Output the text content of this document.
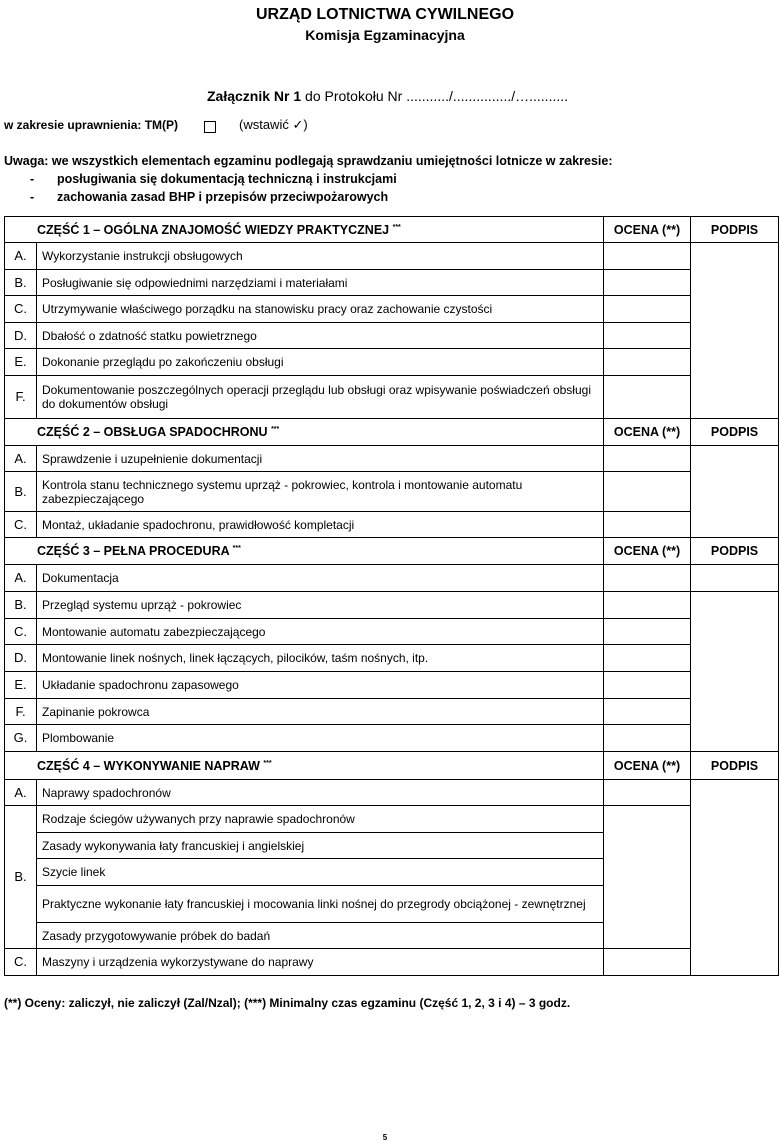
URZĄD LOTNICTWA CYWILNEGO
Komisja Egzaminacyjna
Załącznik Nr 1 do Protokołu Nr .........../.............../…..........
w zakresie uprawnienia: TM(P)	(wstawić ✓)
Uwaga: we wszystkich elementach egzaminu podlegają sprawdzaniu umiejętności lotnicze w zakresie:
- posługiwania się dokumentacją techniczną i instrukcjami
- zachowania zasad BHP i przepisów przeciwpożarowych
CZĘŚĆ 1 – OGÓLNA ZNAJOMOŚĆ WIEDZY PRAKTYCZNEJ ***		OCENA (**)	PODPIS
A.	Wykorzystanie instrukcji obsługowych		
B.	Posługiwanie się odpowiednimi narzędziami i materiałami		
C.	Utrzymywanie właściwego porządku na stanowisku pracy oraz zachowanie czystości		
D.	Dbałość o zdatność statku powietrznego		
E.	Dokonanie przeglądu po zakończeniu obsługi		
F.	Dokumentowanie poszczególnych operacji przeglądu lub obsługi oraz wpisywanie poświadczeń obsługi do dokumentów obsługi		
CZĘŚĆ 2 – OBSŁUGA SPADOCHRONU ***		OCENA (**)	PODPIS
A.	Sprawdzenie i uzupełnienie dokumentacji		
B.	Kontrola stanu technicznego systemu uprząż - pokrowiec, kontrola i montowanie automatu zabezpieczającego		
C.	Montaż, układanie spadochronu, prawidłowość kompletacji		
CZĘŚĆ 3 – PEŁNA PROCEDURA ***		OCENA (**)	PODPIS
A.	Dokumentacja		
B.	Przegląd systemu uprząż - pokrowiec		
C.	Montowanie automatu zabezpieczającego		
D.	Montowanie linek nośnych, linek łączących, pilocików, taśm nośnych, itp.		
E.	Układanie spadochronu zapasowego		
F.	Zapinanie pokrowca		
G.	Plombowanie		
CZĘŚĆ 4 – WYKONYWANIE NAPRAW ***		OCENA (**)	PODPIS
A.	Naprawy spadochronów		
B.	Rodzaje ściegów używanych przy naprawie spadochronów		
	Zasady wykonywania łaty francuskiej i angielskiej		
	Szycie linek		
	Praktyczne wykonanie łaty francuskiej i mocowania linki nośnej do przegrody obciążonej - zewnętrznej		
	Zasady przygotowywanie próbek do badań		
C.	Maszyny i urządzenia wykorzystywane do naprawy		
(**) Oceny: zaliczył, nie zaliczył (Zal/Nzal); (***) Minimalny czas egzaminu (Część 1, 2, 3 i 4) – 3 godz.
5
